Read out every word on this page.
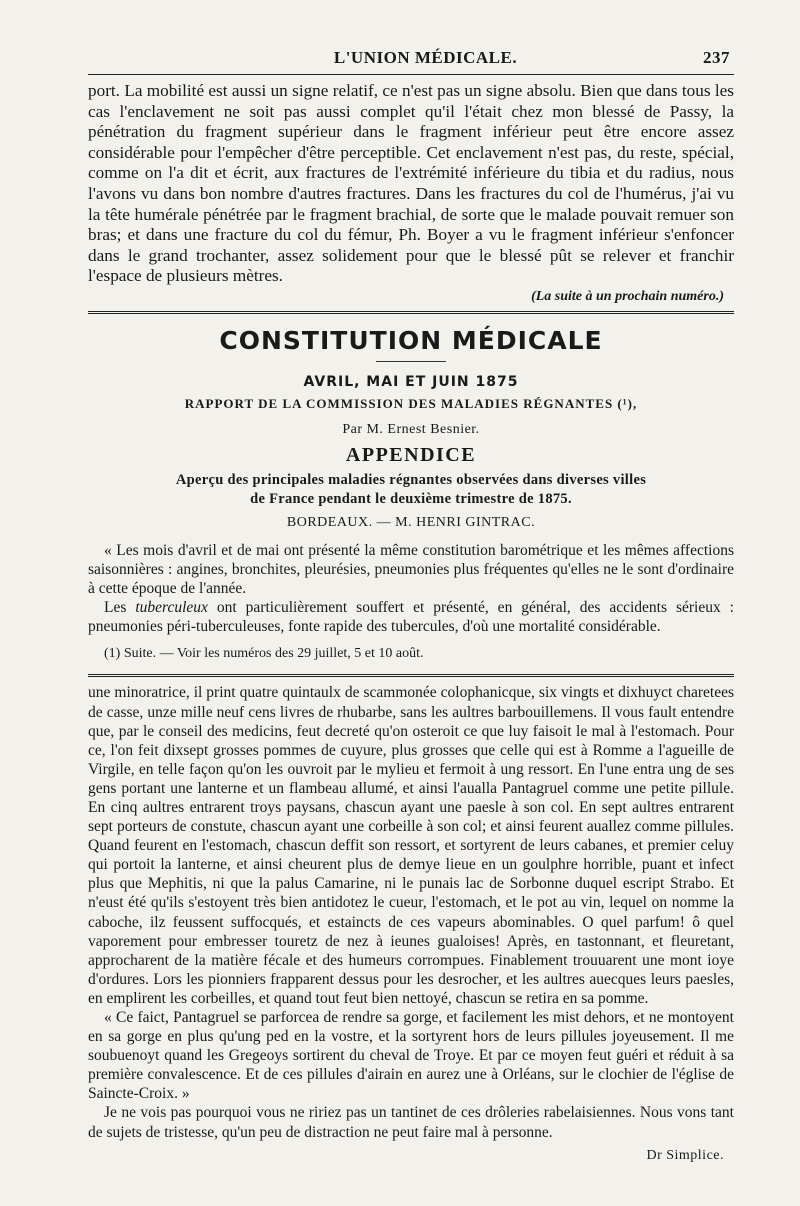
L'UNION MÉDICALE.	237

port. La mobilité est aussi un signe relatif, ce n'est pas un signe absolu. Bien que dans tous les cas l'enclavement ne soit pas aussi complet qu'il l'était chez mon blessé de Passy, la pénétration du fragment supérieur dans le fragment inférieur peut être encore assez considérable pour l'empêcher d'être perceptible. Cet enclavement n'est pas, du reste, spécial, comme on l'a dit et écrit, aux fractures de l'extrémité inférieure du tibia et du radius, nous l'avons vu dans bon nombre d'autres fractures. Dans les fractures du col de l'humérus, j'ai vu la tête humérale pénétrée par le fragment brachial, de sorte que le malade pouvait remuer son bras; et dans une fracture du col du fémur, Ph. Boyer a vu le fragment inférieur s'enfoncer dans le grand trochanter, assez solidement pour que le blessé pût se relever et franchir l'espace de plusieurs mètres.

(La suite à un prochain numéro.)
CONSTITUTION MÉDICALE
AVRIL, MAI ET JUIN 1875
RAPPORT DE LA COMMISSION DES MALADIES RÉGNANTES (¹),
Par M. Ernest Besnier.
APPENDICE
Aperçu des principales maladies régnantes observées dans diverses villes
de France pendant le deuxième trimestre de 1875.
BORDEAUX. — M. HENRI GINTRAC.

« Les mois d'avril et de mai ont présenté la même constitution barométrique et les mêmes affections saisonnières : angines, bronchites, pleurésies, pneumonies plus fréquentes qu'elles ne le sont d'ordinaire à cette époque de l'année.

Les tuberculeux ont particulièrement souffert et présenté, en général, des accidents sérieux : pneumonies péri-tuberculeuses, fonte rapide des tubercules, d'où une mortalité considérable.

(1) Suite. — Voir les numéros des 29 juillet, 5 et 10 août.

une minoratrice, il print quatre quintaulx de scammonée colophanicque, six vingts et dixhuyct charetees de casse, unze mille neuf cens livres de rhubarbe, sans les aultres barbouillemens. Il vous fault entendre que, par le conseil des medicins, feut decreté qu'on osteroit ce que luy faisoit le mal à l'estomach. Pour ce, l'on feit dixsept grosses pommes de cuyure, plus grosses que celle qui est à Romme a l'agueille de Virgile, en telle façon qu'on les ouvroit par le mylieu et fermoit à ung ressort. En l'une entra ung de ses gens portant une lanterne et un flambeau allumé, et ainsi l'aualla Pantagruel comme une petite pillule. En cinq aultres entrarent troys paysans, chascun ayant une paesle à son col. En sept aultres entrarent sept porteurs de constute, chascun ayant une corbeille à son col; et ainsi feurent auallez comme pillules. Quand feurent en l'estomach, chascun deffit son ressort, et sortyrent de leurs cabanes, et premier celuy qui portoit la lanterne, et ainsi cheurent plus de demye lieue en un goulphre horrible, puant et infect plus que Mephitis, ni que la palus Camarine, ni le punais lac de Sorbonne duquel escript Strabo. Et n'eust été qu'ils s'estoyent très bien antidotez le cueur, l'estomach, et le pot au vin, lequel on nomme la caboche, ilz feussent suffocqués, et estaincts de ces vapeurs abominables. O quel parfum! ô quel vaporement pour embresser touretz de nez à ieunes gualoises! Après, en tastonnant, et fleuretant, approcharent de la matière fécale et des humeurs corrompues. Finablement trouuarent une mont ioye d'ordures. Lors les pionniers frapparent dessus pour les desrocher, et les aultres auecques leurs paesles, en emplirent les corbeilles, et quand tout feut bien nettoyé, chascun se retira en sa pomme.

« Ce faict, Pantagruel se parforcea de rendre sa gorge, et facilement les mist dehors, et ne montoyent en sa gorge en plus qu'ung ped en la vostre, et la sortyrent hors de leurs pillules joyeusement. Il me soubuenoyt quand les Gregeoys sortirent du cheval de Troye. Et par ce moyen feut guéri et réduit à sa première convalescence. Et de ces pillules d'airain en aurez une à Orléans, sur le clochier de l'église de Saincte-Croix. »

Je ne vois pas pourquoi vous ne ririez pas un tantinet de ces drôleries rabelaisiennes. Nous vons tant de sujets de tristesse, qu'un peu de distraction ne peut faire mal à personne.

Dr Simplice.
